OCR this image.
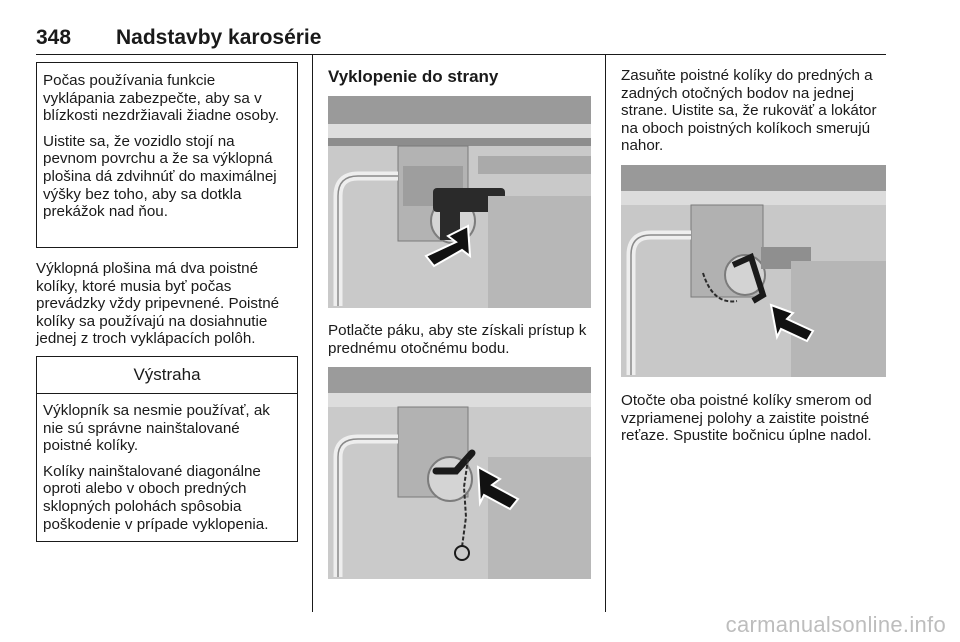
348 Nadstavby karosérie

Počas používania funkcie vyklápania zabezpečte, aby sa v blízkosti nezdržiavali žiadne osoby.

Uistite sa, že vozidlo stojí na pevnom povrchu a že sa výklopná plošina dá zdvihnúť do maximálnej výšky bez toho, aby sa dotkla prekážok nad ňou.

Výklopná plošina má dva poistné kolíky, ktoré musia byť počas prevádzky vždy pripevnené. Poistné kolíky sa používajú na dosiahnutie jednej z troch vyklápacích polôh.

Výstraha

Výklopník sa nesmie používať, ak nie sú správne nainštalované poistné kolíky.

Kolíky nainštalované diagonálne oproti alebo v oboch predných sklopných polohách spôsobia poškodenie v prípade vyklopenia.

Vyklopenie do strany

Potlačte páku, aby ste získali prístup k prednému otočnému bodu.

Zasuňte poistné kolíky do predných a zadných otočných bodov na jednej strane. Uistite sa, že rukoväť a lokátor na oboch poistných kolíkoch smerujú nahor.

Otočte oba poistné kolíky smerom od vzpriamenej polohy a zaistite poistné reťaze. Spustite bočnicu úplne nadol.

carmanualsonline.info
